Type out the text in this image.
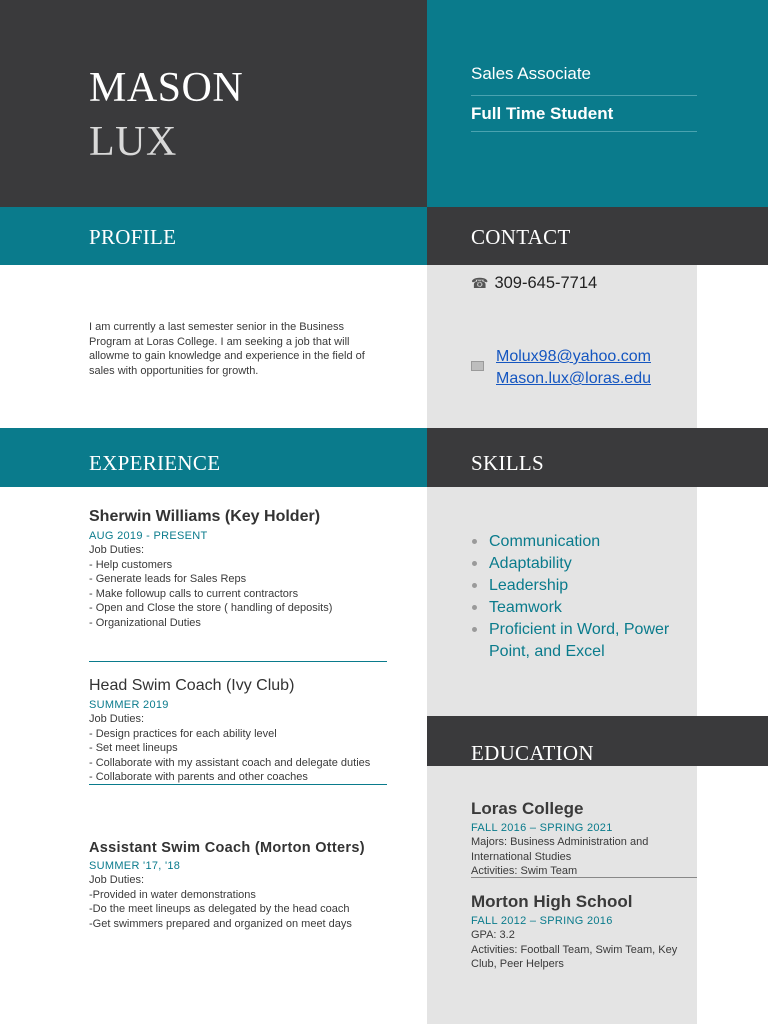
MASON
LUX
Sales Associate
Full Time Student
PROFILE	CONTACT
EXPERIENCE	SKILLS
EDUCATION
I am currently a last semester senior in the Business Program at Loras College. I am seeking a job that will allowme to gain knowledge and experience in the field of sales with opportunities for growth.
☎ 309-645-7714
Molux98@yahoo.com
Mason.lux@loras.edu
Sherwin Williams (Key Holder)
AUG 2019 - PRESENT
Job Duties:
- Help customers
- Generate leads for Sales Reps
- Make followup calls to current contractors
- Open and Close the store ( handling of deposits)
- Organizational Duties
Head Swim Coach (Ivy Club)
SUMMER 2019
Job Duties:
- Design practices for each ability level
- Set meet lineups
- Collaborate with my assistant coach and delegate duties
- Collaborate with parents and other coaches
Assistant Swim Coach (Morton Otters)
SUMMER '17, '18
Job Duties:
-Provided in water demonstrations
-Do the meet lineups as delegated by the head coach
-Get swimmers prepared and organized on meet days
Communication
Adaptability
Leadership
Teamwork
Proficient in Word, Power Point, and Excel
Loras College
FALL 2016 – SPRING 2021
Majors: Business Administration and International Studies
Activities: Swim Team
Morton High School
FALL 2012 – SPRING 2016
GPA: 3.2
Activities: Football Team, Swim Team, Key Club, Peer Helpers
